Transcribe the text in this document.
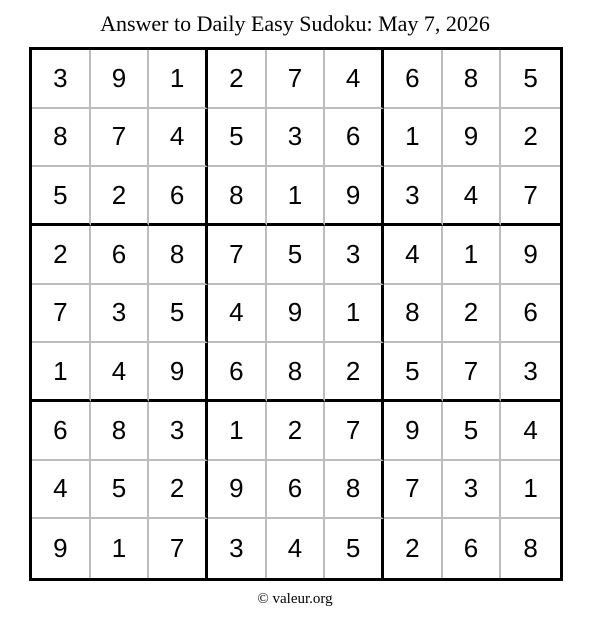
Answer to Daily Easy Sudoku: May 7, 2026
3	9	1	2	7	4	6	8	5
8	7	4	5	3	6	1	9	2
5	2	6	8	1	9	3	4	7
2	6	8	7	5	3	4	1	9
7	3	5	4	9	1	8	2	6
1	4	9	6	8	2	5	7	3
6	8	3	1	2	7	9	5	4
4	5	2	9	6	8	7	3	1
9	1	7	3	4	5	2	6	8
© valeur.org
